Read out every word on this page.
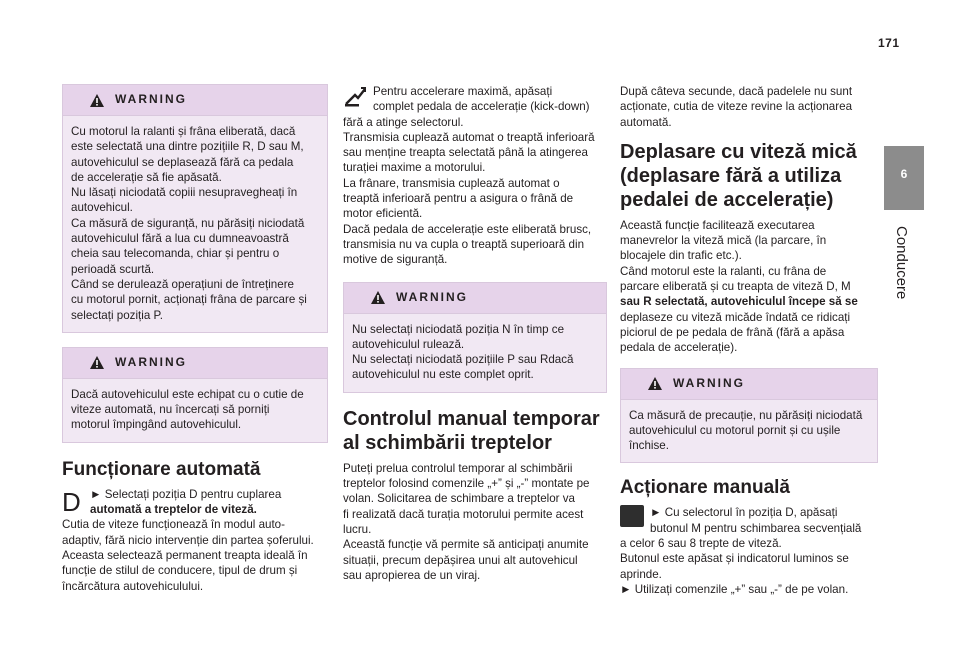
171
6
Conducere
WARNING

Cu motorul la ralanti și frâna eliberată, dacă

este selectată una dintre pozițiile R, D sau M,

autovehiculul se deplasează fără ca pedala

de accelerație să fie apăsată.

Nu lăsați niciodată copiii nesupravegheați în

autovehicul.

Ca măsură de siguranță, nu părăsiți niciodată

autovehiculul fără a lua cu dumneavoastră

cheia sau telecomanda, chiar și pentru o

perioadă scurtă.

Când se derulează operațiuni de întreținere

cu motorul pornit, acționați frâna de parcare și

selectați poziția P.

WARNING

Dacă autovehiculul este echipat cu o cutie de

viteze automată, nu încercați să porniți

motorul împingând autovehiculul.

Funcționare automată
D ► Selectați poziția D pentru cuplarea

automată a treptelor de viteză.

Cutia de viteze funcționează în modul auto-

adaptiv, fără nicio intervenție din partea șoferului.

Aceasta selectează permanent treapta ideală în

funcție de stilul de conducere, tipul de drum și

încărcătura autovehiculului.

Pentru accelerare maximă, apăsați

complet pedala de accelerație (kick-down)

fără a atinge selectorul.

Transmisia cuplează automat o treaptă inferioară

sau menține treapta selectată până la atingerea

turației maxime a motorului.

La frânare, transmisia cuplează automat o

treaptă inferioară pentru a asigura o frână de

motor eficientă.

Dacă pedala de accelerație este eliberată brusc,

transmisia nu va cupla o treaptă superioară din

motive de siguranță.

WARNING

Nu selectați niciodată poziția N în timp ce

autovehiculul rulează.

Nu selectați niciodată pozițiile P sau Rdacă

autovehiculul nu este complet oprit.

Controlul manual temporar
al schimbării treptelor

Puteți prelua controlul temporar al schimbării

treptelor folosind comenzile „+” și „-” montate pe

volan. Solicitarea de schimbare a treptelor va

fi realizată dacă turația motorului permite acest

lucru.

Această funcție vă permite să anticipați anumite

situații, precum depășirea unui alt autovehicul

sau apropierea de un viraj.

După câteva secunde, dacă padelele nu sunt

acționate, cutia de viteze revine la acționarea

automată.

Deplasare cu viteză mică
(deplasare fără a utiliza
pedalei de accelerație)

Această funcție facilitează executarea

manevrelor la viteză mică (la parcare, în

blocajele din trafic etc.).

Când motorul este la ralanti, cu frâna de

parcare eliberată și cu treapta de viteză D, M

sau R selectată, autovehiculul începe să se

deplaseze cu viteză micăde îndată ce ridicați

piciorul de pe pedala de frână (fără a apăsa

pedala de accelerație).

WARNING

Ca măsură de precauție, nu părăsiți niciodată

autovehiculul cu motorul pornit și cu ușile

închise.

Acționare manuală

► Cu selectorul în poziția D, apăsați

butonul M pentru schimbarea secvențială

a celor 6 sau 8 trepte de viteză.

Butonul este apăsat și indicatorul luminos se

aprinde.

► Utilizați comenzile „+” sau „-” de pe volan.
